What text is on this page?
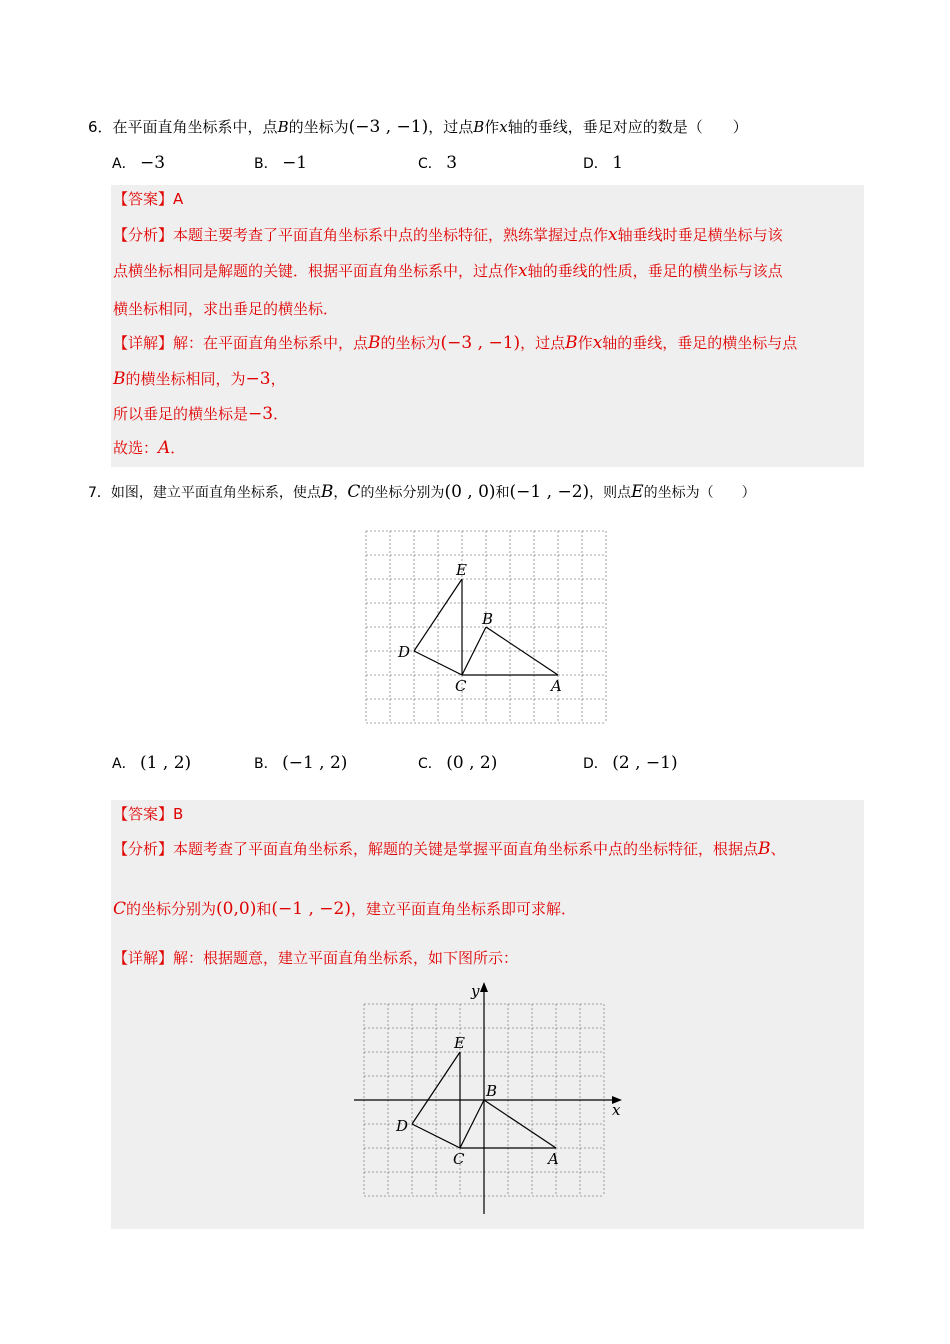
6．在平面直角坐标系中，点B的坐标为(−3 , −1)，过点B作x轴的垂线，垂足对应的数是（　　）
A． −3	B． −1	C． 3	D． 1
【答案】A
【分析】本题主要考查了平面直角坐标系中点的坐标特征，熟练掌握过点作x轴垂线时垂足横坐标与该
点横坐标相同是解题的关键．根据平面直角坐标系中，过点作x轴的垂线的性质，垂足的横坐标与该点
横坐标相同，求出垂足的横坐标．
【详解】解：在平面直角坐标系中，点B的坐标为(−3 , −1)，过点B作x轴的垂线，垂足的横坐标与点
B的横坐标相同，为−3，
所以垂足的横坐标是−3．
故选：A．
7．如图，建立平面直角坐标系，使点B，C的坐标分别为(0 , 0)和(−1 , −2)，则点E的坐标为（　　）
E
B
D
C	A
A． (1 , 2)	B． (−1 , 2)	C． (0 , 2)	D． (2 , −1)
【答案】B
【分析】本题考查了平面直角坐标系，解题的关键是掌握平面直角坐标系中点的坐标特征，根据点B、
C的坐标分别为(0,0)和(−1 , −2)，建立平面直角坐标系即可求解．
【详解】解：根据题意，建立平面直角坐标系，如下图所示：
y
x
E
B
D
C	A
